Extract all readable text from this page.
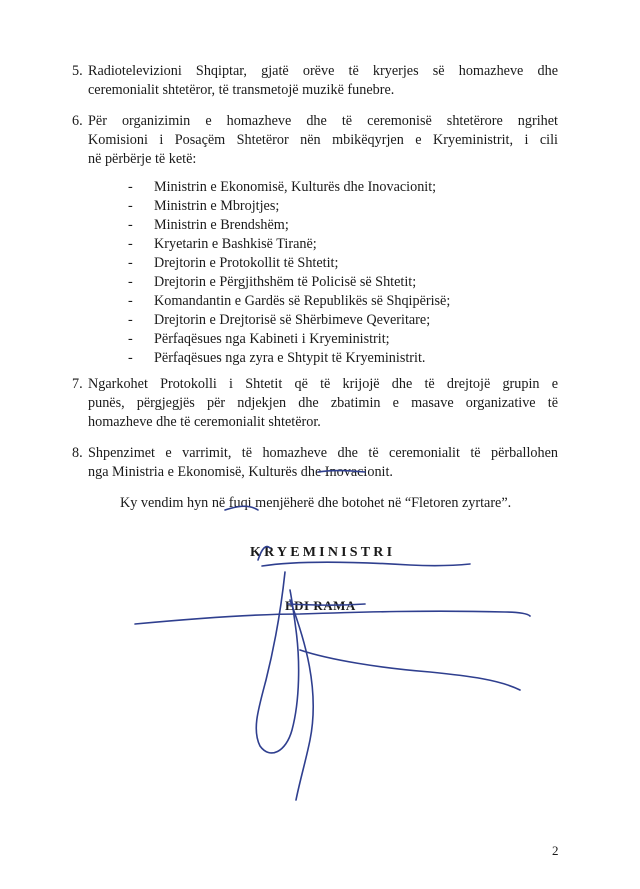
5. Radiotelevizioni Shqiptar, gjatë orëve të kryerjes së homazheve dhe
ceremonialit shtetëror, të transmetojë muzikë funebre.
6. Për organizimin e homazheve dhe të ceremonisë shtetërore ngrihet
Komisioni i Posaçëm Shtetëror nën mbikëqyrjen e Kryeministrit, i cili
në përbërje të ketë:
- Ministrin e Ekonomisë, Kulturës dhe Inovacionit;
- Ministrin e Mbrojtjes;
- Ministrin e Brendshëm;
- Kryetarin e Bashkisë Tiranë;
- Drejtorin e Protokollit të Shtetit;
- Drejtorin e Përgjithshëm të Policisë së Shtetit;
- Komandantin e Gardës së Republikës së Shqipërisë;
- Drejtorin e Drejtorisë së Shërbimeve Qeveritare;
- Përfaqësues nga Kabineti i Kryeministrit;
- Përfaqësues nga zyra e Shtypit të Kryeministrit.
7. Ngarkohet Protokolli i Shtetit që të krijojë dhe të drejtojë grupin e
punës, përgjegjës për ndjekjen dhe zbatimin e masave organizative të
homazheve dhe të ceremonialit shtetëror.
8. Shpenzimet e varrimit, të homazheve dhe të ceremonialit të përballohen
nga Ministria e Ekonomisë, Kulturës dhe Inovacionit.
Ky vendim hyn në fuqi menjëherë dhe botohet në “Fletoren zyrtare”.
KRYEMINISTRI
EDI RAMA
2
